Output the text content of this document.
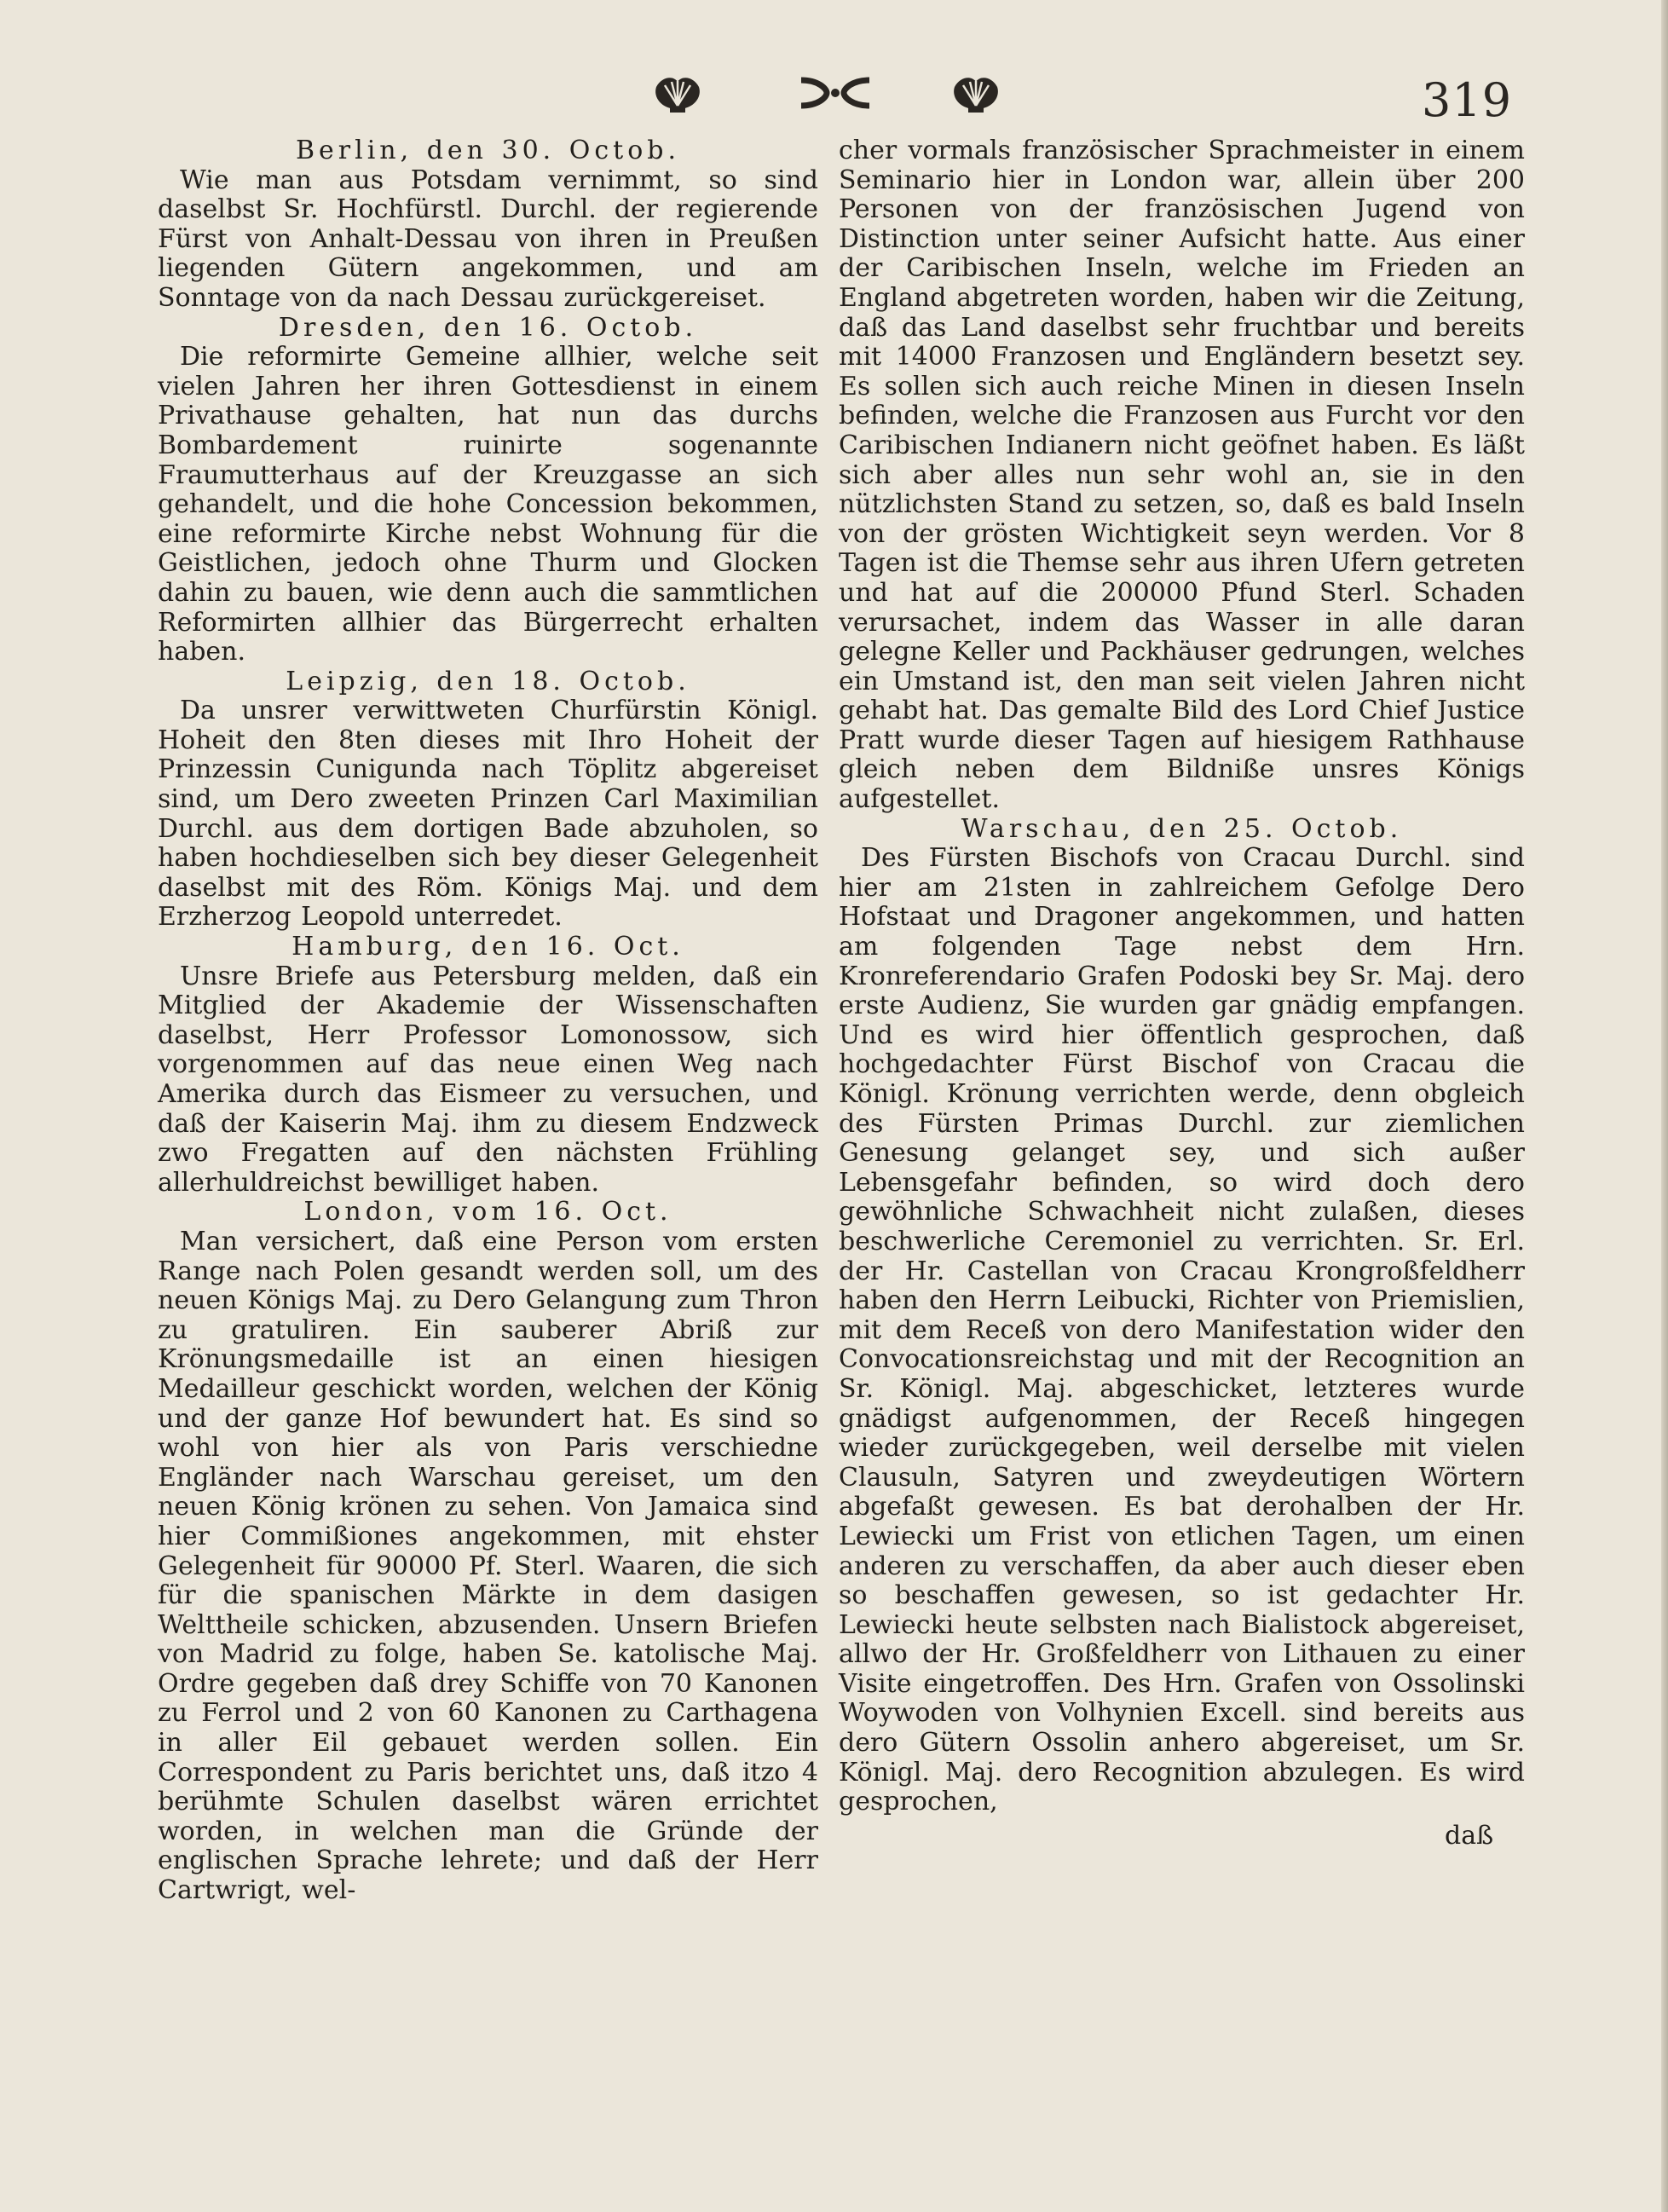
319

Berlin, den 30. Octob.

Wie man aus Potsdam vernimmt, so sind daselbst Sr. Hochfürstl. Durchl. der regierende Fürst von Anhalt-Dessau von ihren in Preußen liegenden Gütern angekommen, und am Sonntage von da nach Dessau zurückgereiset.

Dresden, den 16. Octob.

Die reformirte Gemeine allhier, welche seit vielen Jahren her ihren Gottesdienst in einem Privathause gehalten, hat nun das durchs Bombardement ruinirte sogenannte Fraumutterhaus auf der Kreuzgasse an sich gehandelt, und die hohe Concession bekommen, eine reformirte Kirche nebst Wohnung für die Geistlichen, jedoch ohne Thurm und Glocken dahin zu bauen, wie denn auch die sammtlichen Reformirten allhier das Bürgerrecht erhalten haben.

Leipzig, den 18. Octob.

Da unsrer verwittweten Churfürstin Königl. Hoheit den 8ten dieses mit Ihro Hoheit der Prinzessin Cunigunda nach Töplitz abgereiset sind, um Dero zweeten Prinzen Carl Maximilian Durchl. aus dem dortigen Bade abzuholen, so haben hochdieselben sich bey dieser Gelegenheit daselbst mit des Röm. Königs Maj. und dem Erzherzog Leopold unterredet.

Hamburg, den 16. Oct.

Unsre Briefe aus Petersburg melden, daß ein Mitglied der Akademie der Wissenschaften daselbst, Herr Professor Lomonossow, sich vorgenommen auf das neue einen Weg nach Amerika durch das Eismeer zu versuchen, und daß der Kaiserin Maj. ihm zu diesem Endzweck zwo Fregatten auf den nächsten Frühling allerhuldreichst bewilliget haben.

London, vom 16. Oct.

Man versichert, daß eine Person vom ersten Range nach Polen gesandt werden soll, um des neuen Königs Maj. zu Dero Gelangung zum Thron zu gratuliren. Ein sauberer Abriß zur Krönungsmedaille ist an einen hiesigen Medailleur geschickt worden, welchen der König und der ganze Hof bewundert hat. Es sind so wohl von hier als von Paris verschiedne Engländer nach Warschau gereiset, um den neuen König krönen zu sehen. Von Jamaica sind hier Commißiones angekommen, mit ehster Gelegenheit für 90000 Pf. Sterl. Waaren, die sich für die spanischen Märkte in dem dasigen Welttheile schicken, abzusenden. Unsern Briefen von Madrid zu folge, haben Se. katolische Maj. Ordre gegeben daß drey Schiffe von 70 Kanonen zu Ferrol und 2 von 60 Kanonen zu Carthagena in aller Eil gebauet werden sollen. Ein Correspondent zu Paris berichtet uns, daß itzo 4 berühmte Schulen daselbst wären errichtet worden, in welchen man die Gründe der englischen Sprache lehrete; und daß der Herr Cartwrigt, wel-

cher vormals französischer Sprachmeister in einem Seminario hier in London war, allein über 200 Personen von der französischen Jugend von Distinction unter seiner Aufsicht hatte. Aus einer der Caribischen Inseln, welche im Frieden an England abgetreten worden, haben wir die Zeitung, daß das Land daselbst sehr fruchtbar und bereits mit 14000 Franzosen und Engländern besetzt sey. Es sollen sich auch reiche Minen in diesen Inseln befinden, welche die Franzosen aus Furcht vor den Caribischen Indianern nicht geöfnet haben. Es läßt sich aber alles nun sehr wohl an, sie in den nützlichsten Stand zu setzen, so, daß es bald Inseln von der grösten Wichtigkeit seyn werden. Vor 8 Tagen ist die Themse sehr aus ihren Ufern getreten und hat auf die 200000 Pfund Sterl. Schaden verursachet, indem das Wasser in alle daran gelegne Keller und Packhäuser gedrungen, welches ein Umstand ist, den man seit vielen Jahren nicht gehabt hat. Das gemalte Bild des Lord Chief Justice Pratt wurde dieser Tagen auf hiesigem Rathhause gleich neben dem Bildniße unsres Königs aufgestellet.

Warschau, den 25. Octob.

Des Fürsten Bischofs von Cracau Durchl. sind hier am 21sten in zahlreichem Gefolge Dero Hofstaat und Dragoner angekommen, und hatten am folgenden Tage nebst dem Hrn. Kronreferendario Grafen Podoski bey Sr. Maj. dero erste Audienz, Sie wurden gar gnädig empfangen. Und es wird hier öffentlich gesprochen, daß hochgedachter Fürst Bischof von Cracau die Königl. Krönung verrichten werde, denn obgleich des Fürsten Primas Durchl. zur ziemlichen Genesung gelanget sey, und sich außer Lebensgefahr befinden, so wird doch dero gewöhnliche Schwachheit nicht zulaßen, dieses beschwerliche Ceremoniel zu verrichten. Sr. Erl. der Hr. Castellan von Cracau Krongroßfeldherr haben den Herrn Leibucki, Richter von Priemislien, mit dem Receß von dero Manifestation wider den Convocationsreichstag und mit der Recognition an Sr. Königl. Maj. abgeschicket, letzteres wurde gnädigst aufgenommen, der Receß hingegen wieder zurückgegeben, weil derselbe mit vielen Clausuln, Satyren und zweydeutigen Wörtern abgefaßt gewesen. Es bat derohalben der Hr. Lewiecki um Frist von etlichen Tagen, um einen anderen zu verschaffen, da aber auch dieser eben so beschaffen gewesen, so ist gedachter Hr. Lewiecki heute selbsten nach Bialistock abgereiset, allwo der Hr. Großfeldherr von Lithauen zu einer Visite eingetroffen. Des Hrn. Grafen von Ossolinski Woywoden von Volhynien Excell. sind bereits aus dero Gütern Ossolin anhero abgereiset, um Sr. Königl. Maj. dero Recognition abzulegen. Es wird gesprochen,

daß
